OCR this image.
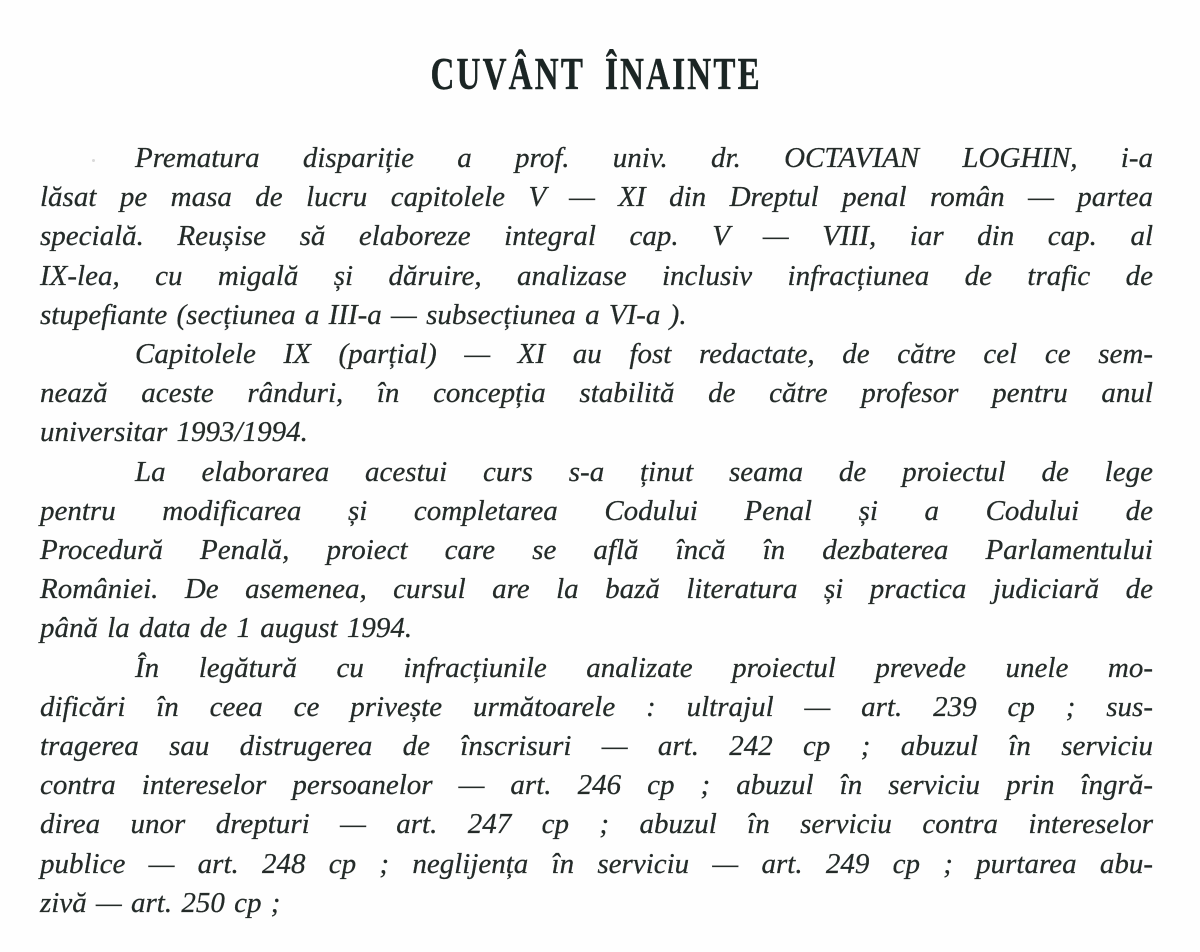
CUVÂNT ÎNAINTE
Prematura dispariție a prof. univ. dr. OCTAVIAN LOGHIN, i-a
lăsat pe masa de lucru capitolele V — XI din Dreptul penal român — partea
specială. Reușise să elaboreze integral cap. V — VIII, iar din cap. al
IX-lea, cu migală și dăruire, analizase inclusiv infracțiunea de trafic de
stupefiante (secțiunea a III-a — subsecțiunea a VI-a ).
Capitolele IX (parțial) — XI au fost redactate, de către cel ce sem-
nează aceste rânduri, în concepția stabilită de către profesor pentru anul
universitar 1993/1994.
La elaborarea acestui curs s-a ținut seama de proiectul de lege
pentru modificarea și completarea Codului Penal și a Codului de
Procedură Penală, proiect care se află încă în dezbaterea Parlamentului
României. De asemenea, cursul are la bază literatura și practica judiciară de
până la data de 1 august 1994.
În legătură cu infracțiunile analizate proiectul prevede unele mo-
dificări în ceea ce privește următoarele : ultrajul — art. 239 cp ; sus-
tragerea sau distrugerea de înscrisuri — art. 242 cp ; abuzul în serviciu
contra intereselor persoanelor — art. 246 cp ; abuzul în serviciu prin îngră-
direa unor drepturi — art. 247 cp ; abuzul în serviciu contra intereselor
publice — art. 248 cp ; neglijența în serviciu — art. 249 cp ; purtarea abu-
zivă — art. 250 cp ;
